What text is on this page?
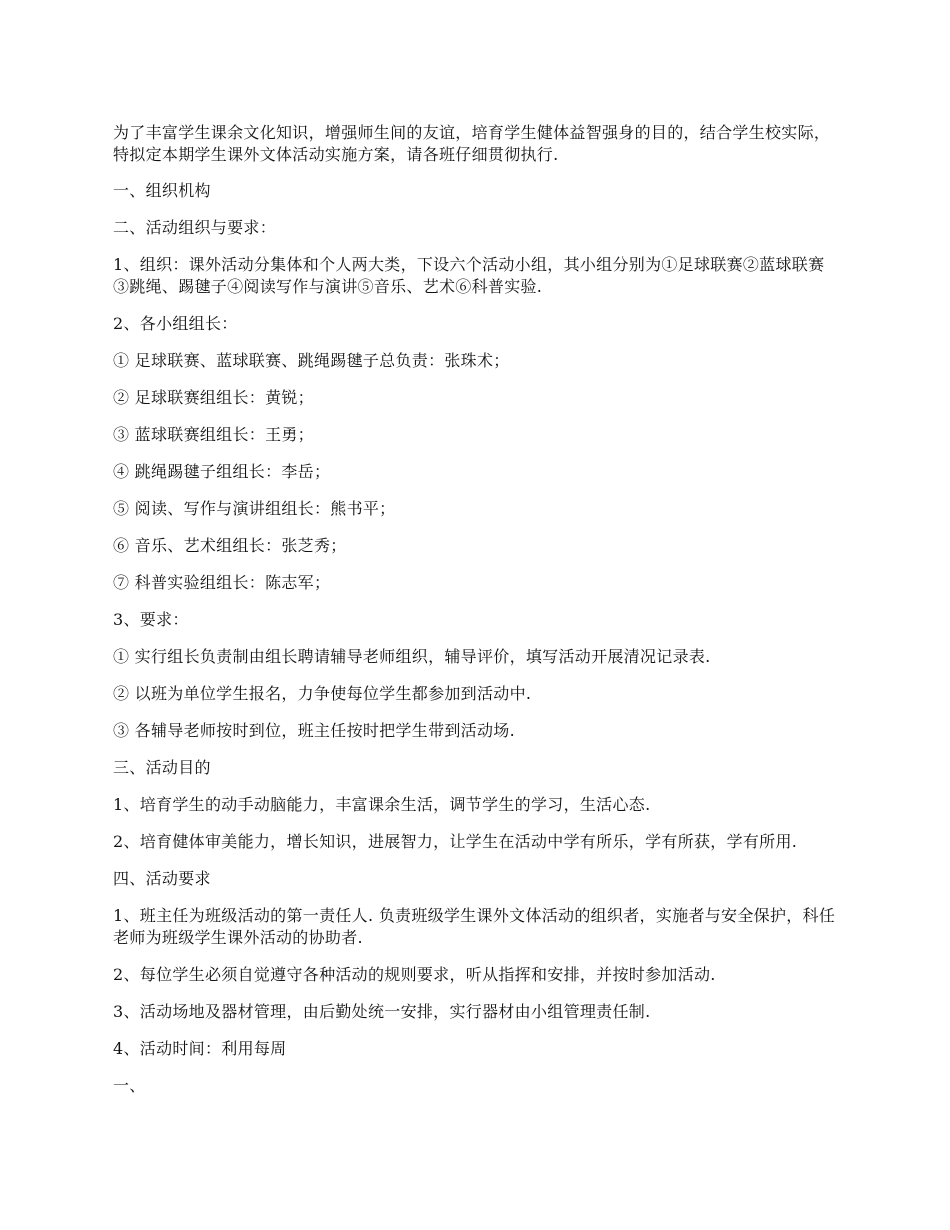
为了丰富学生课余文化知识，增强师生间的友谊，培育学生健体益智强身的目的，结合学生校实际，特拟定本期学生课外文体活动实施方案，请各班仔细贯彻执行.

一、组织机构

二、活动组织与要求：

1、组织：课外活动分集体和个人两大类，下设六个活动小组，其小组分别为①足球联赛②蓝球联赛③跳绳、踢毽子④阅读写作与演讲⑤音乐、艺术⑥科普实验.

2、各小组组长：

① 足球联赛、蓝球联赛、跳绳踢毽子总负责：张珠术；

② 足球联赛组组长：黄锐；

③ 蓝球联赛组组长：王勇；

④ 跳绳踢毽子组组长：李岳；

⑤ 阅读、写作与演讲组组长：熊书平；

⑥ 音乐、艺术组组长：张芝秀；

⑦ 科普实验组组长：陈志军；

3、要求：

① 实行组长负责制由组长聘请辅导老师组织，辅导评价，填写活动开展清况记录表.

② 以班为单位学生报名，力争使每位学生都参加到活动中.

③ 各辅导老师按时到位，班主任按时把学生带到活动场.

三、活动目的

1、培育学生的动手动脑能力，丰富课余生活，调节学生的学习，生活心态.

2、培育健体审美能力，增长知识，进展智力，让学生在活动中学有所乐，学有所获，学有所用.

四、活动要求

1、班主任为班级活动的第一责任人. 负责班级学生课外文体活动的组织者，实施者与安全保护，科任老师为班级学生课外活动的协助者.

2、每位学生必须自觉遵守各种活动的规则要求，听从指挥和安排，并按时参加活动.

3、活动场地及器材管理，由后勤处统一安排，实行器材由小组管理责任制.

4、活动时间：利用每周

一、
